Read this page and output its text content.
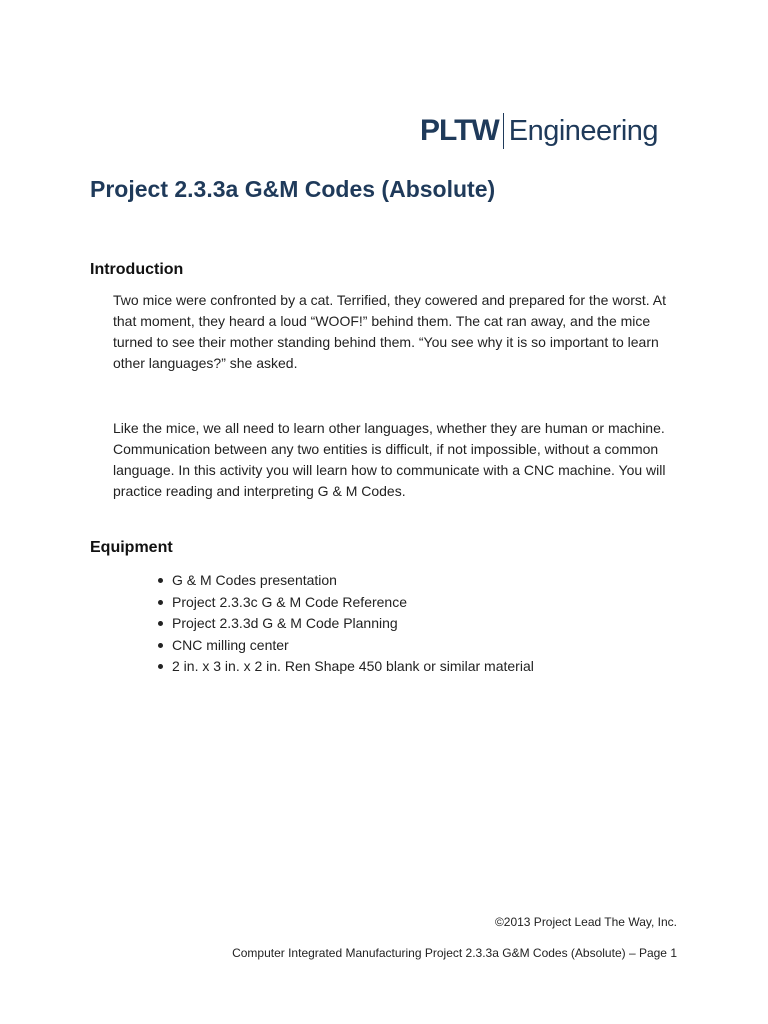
PLTW Engineering
Project 2.3.3a G&M Codes (Absolute)
Introduction

Two mice were confronted by a cat. Terrified, they cowered and prepared for the worst. At that moment, they heard a loud “WOOF!” behind them. The cat ran away, and the mice turned to see their mother standing behind them. “You see why it is so important to learn other languages?” she asked.

Like the mice, we all need to learn other languages, whether they are human or machine. Communication between any two entities is difficult, if not impossible, without a common language. In this activity you will learn how to communicate with a CNC machine. You will practice reading and interpreting G & M Codes.

Equipment
G & M Codes presentation
Project 2.3.3c G & M Code Reference
Project 2.3.3d G & M Code Planning
CNC milling center
2 in. x 3 in. x 2 in. Ren Shape 450 blank or similar material

©2013 Project Lead The Way, Inc.

Computer Integrated Manufacturing Project 2.3.3a G&M Codes (Absolute) – Page 1
